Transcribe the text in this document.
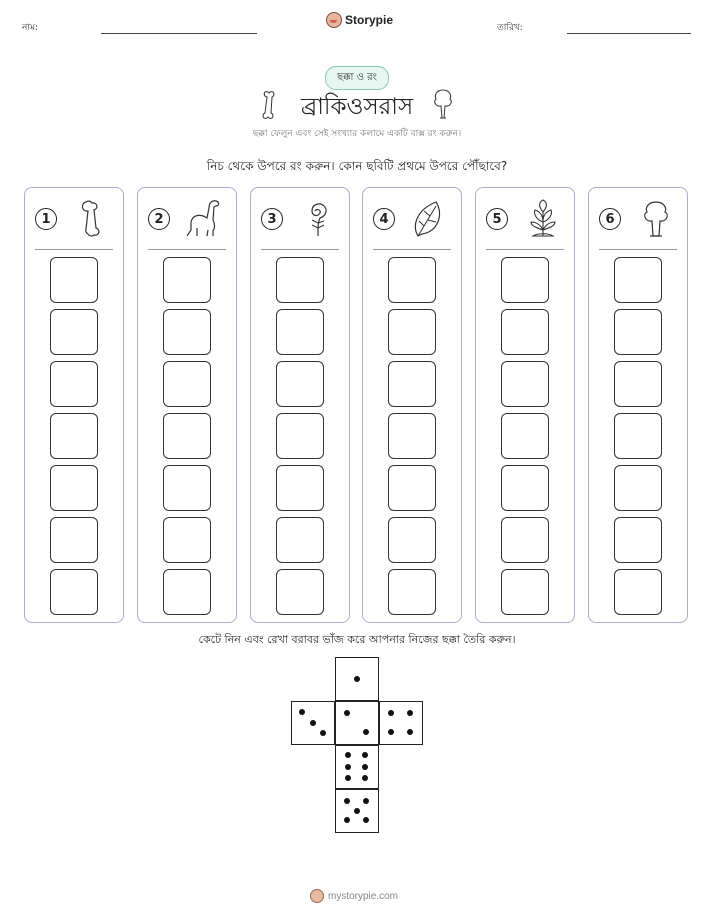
নাম:
Storypie
তারিখ:
ছক্কা ও রং
ব্রাকিওসরাস
ছক্কা ফেলুন এবং সেই সংখ্যার কলামে একটি বাক্স রং করুন।
নিচ থেকে উপরে রং করুন। কোন ছবিটি প্রথমে উপরে পৌঁছাবে?
1	2	3	4	5	6
কেটে নিন এবং রেখা বরাবর ভাঁজ করে আপনার নিজের ছক্কা তৈরি করুন।
mystorypie.com
